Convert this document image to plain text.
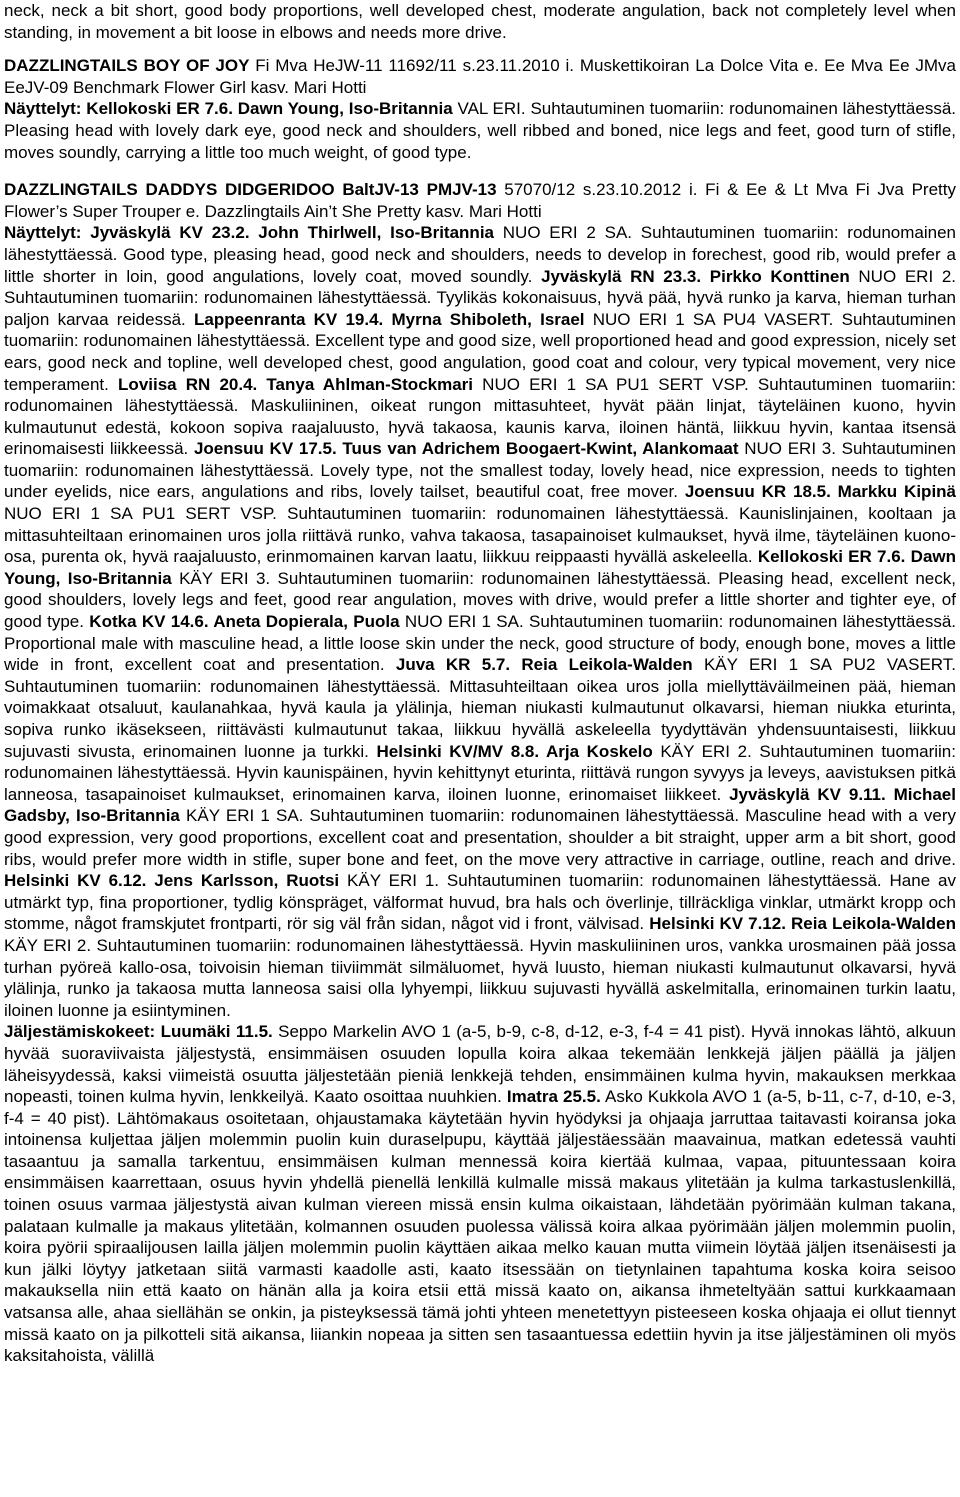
neck, neck a bit short, good body proportions, well developed chest, moderate angulation, back not completely level when standing, in movement a bit loose in elbows and needs more drive.

DAZZLINGTAILS BOY OF JOY Fi Mva HeJW-11 11692/11 s.23.11.2010 i. Muskettikoiran La Dolce Vita e. Ee Mva Ee JMva EeJV-09 Benchmark Flower Girl kasv. Mari Hotti

Näyttelyt: Kellokoski ER 7.6. Dawn Young, Iso-Britannia VAL ERI. Suhtautuminen tuomariin: rodunomainen lähestyttäessä. Pleasing head with lovely dark eye, good neck and shoulders, well ribbed and boned, nice legs and feet, good turn of stifle, moves soundly, carrying a little too much weight, of good type.

DAZZLINGTAILS DADDYS DIDGERIDOO BaltJV-13 PMJV-13 57070/12 s.23.10.2012 i. Fi & Ee & Lt Mva Fi Jva Pretty Flower’s Super Trouper e. Dazzlingtails Ain’t She Pretty kasv. Mari Hotti

Näyttelyt: Jyväskylä KV 23.2. John Thirlwell, Iso-Britannia NUO ERI 2 SA. Suhtautuminen tuomariin: rodunomainen lähestyttäessä. Good type, pleasing head, good neck and shoulders, needs to develop in forechest, good rib, would prefer a little shorter in loin, good angulations, lovely coat, moved soundly. Jyväskylä RN 23.3. Pirkko Konttinen NUO ERI 2. Suhtautuminen tuomariin: rodunomainen lähestyttäessä. Tyylikäs kokonaisuus, hyvä pää, hyvä runko ja karva, hieman turhan paljon karvaa reidessä. Lappeenranta KV 19.4. Myrna Shiboleth, Israel NUO ERI 1 SA PU4 VASERT. Suhtautuminen tuomariin: rodunomainen lähestyttäessä. Excellent type and good size, well proportioned head and good expression, nicely set ears, good neck and topline, well developed chest, good angulation, good coat and colour, very typical movement, very nice temperament. Loviisa RN 20.4. Tanya Ahlman-Stockmari NUO ERI 1 SA PU1 SERT VSP. Suhtautuminen tuomariin: rodunomainen lähestyttäessä. Maskuliininen, oikeat rungon mittasuhteet, hyvät pään linjat, täyteläinen kuono, hyvin kulmautunut edestä, kokoon sopiva raajaluusto, hyvä takaosa, kaunis karva, iloinen häntä, liikkuu hyvin, kantaa itsensä erinomaisesti liikkeessä. Joensuu KV 17.5. Tuus van Adrichem Boogaert-Kwint, Alankomaat NUO ERI 3. Suhtautuminen tuomariin: rodunomainen lähestyttäessä. Lovely type, not the smallest today, lovely head, nice expression, needs to tighten under eyelids, nice ears, angulations and ribs, lovely tailset, beautiful coat, free mover. Joensuu KR 18.5. Markku Kipinä NUO ERI 1 SA PU1 SERT VSP. Suhtautuminen tuomariin: rodunomainen lähestyttäessä. Kaunislinjainen, kooltaan ja mittasuhteiltaan erinomainen uros jolla riittävä runko, vahva takaosa, tasapainoiset kulmaukset, hyvä ilme, täyteläinen kuono-osa, purenta ok, hyvä raajaluusto, erinmomainen karvan laatu, liikkuu reippaasti hyvällä askeleella. Kellokoski ER 7.6. Dawn Young, Iso-Britannia KÄY ERI 3. Suhtautuminen tuomariin: rodunomainen lähestyttäessä. Pleasing head, excellent neck, good shoulders, lovely legs and feet, good rear angulation, moves with drive, would prefer a little shorter and tighter eye, of good type. Kotka KV 14.6. Aneta Dopierala, Puola NUO ERI 1 SA. Suhtautuminen tuomariin: rodunomainen lähestyttäessä. Proportional male with masculine head, a little loose skin under the neck, good structure of body, enough bone, moves a little wide in front, excellent coat and presentation. Juva KR 5.7. Reia Leikola-Walden KÄY ERI 1 SA PU2 VASERT. Suhtautuminen tuomariin: rodunomainen lähestyttäessä. Mittasuhteiltaan oikea uros jolla miellyttäväilmeinen pää, hieman voimakkaat otsaluut, kaulanahkaa, hyvä kaula ja ylälinja, hieman niukasti kulmautunut olkavarsi, hieman niukka eturinta, sopiva runko ikäsekseen, riittävästi kulmautunut takaa, liikkuu hyvällä askeleella tyydyttävän yhdensuuntaisesti, liikkuu sujuvasti sivusta, erinomainen luonne ja turkki. Helsinki KV/MV 8.8. Arja Koskelo KÄY ERI 2. Suhtautuminen tuomariin: rodunomainen lähestyttäessä. Hyvin kaunispäinen, hyvin kehittynyt eturinta, riittävä rungon syvyys ja leveys, aavistuksen pitkä lanneosa, tasapainoiset kulmaukset, erinomainen karva, iloinen luonne, erinomaiset liikkeet. Jyväskylä KV 9.11. Michael Gadsby, Iso-Britannia KÄY ERI 1 SA. Suhtautuminen tuomariin: rodunomainen lähestyttäessä. Masculine head with a very good expression, very good proportions, excellent coat and presentation, shoulder a bit straight, upper arm a bit short, good ribs, would prefer more width in stifle, super bone and feet, on the move very attractive in carriage, outline, reach and drive. Helsinki KV 6.12. Jens Karlsson, Ruotsi KÄY ERI 1. Suhtautuminen tuomariin: rodunomainen lähestyttäessä. Hane av utmärkt typ, fina proportioner, tydlig könspräget, välformat huvud, bra hals och överlinje, tillräckliga vinklar, utmärkt kropp och stomme, något framskjutet frontparti, rör sig väl från sidan, något vid i front, välvisad. Helsinki KV 7.12. Reia Leikola-Walden KÄY ERI 2. Suhtautuminen tuomariin: rodunomainen lähestyttäessä. Hyvin maskuliininen uros, vankka urosmainen pää jossa turhan pyöreä kallo-osa, toivoisin hieman tiiviimmät silmäluomet, hyvä luusto, hieman niukasti kulmautunut olkavarsi, hyvä ylälinja, runko ja takaosa mutta lanneosa saisi olla lyhyempi, liikkuu sujuvasti hyvällä askelmitalla, erinomainen turkin laatu, iloinen luonne ja esiintyminen.

Jäljestämiskokeet: Luumäki 11.5. Seppo Markelin AVO 1 (a-5, b-9, c-8, d-12, e-3, f-4 = 41 pist). Hyvä innokas lähtö, alkuun hyvää suoraviivaista jäljestystä, ensimmäisen osuuden lopulla koira alkaa tekemään lenkkejä jäljen päällä ja jäljen läheisyydessä, kaksi viimeistä osuutta jäljestetään pieniä lenkkejä tehden, ensimmäinen kulma hyvin, makauksen merkkaa nopeasti, toinen kulma hyvin, lenkkeilyä. Kaato osoittaa nuuhkien. Imatra 25.5. Asko Kukkola AVO 1 (a-5, b-11, c-7, d-10, e-3, f-4 = 40 pist). Lähtömakaus osoitetaan, ohjaustamaka käytetään hyvin hyödyksi ja ohjaaja jarruttaa taitavasti koiransa joka intoinensa kuljettaa jäljen molemmin puolin kuin duraselpupu, käyttää jäljestäessään maavainua, matkan edetessä vauhti tasaantuu ja samalla tarkentuu, ensimmäisen kulman mennessä koira kiertää kulmaa, vapaa, pituuntessaan koira ensimmäisen kaarrettaan, osuus hyvin yhdellä pienellä lenkillä kulmalle missä makaus ylitetään ja kulma tarkastuslenkillä, toinen osuus varmaa jäljestystä aivan kulman viereen missä ensin kulma oikaistaan, lähdetään pyörimään kulman takana, palataan kulmalle ja makaus ylitetään, kolmannen osuuden puolessa välissä koira alkaa pyörimään jäljen molemmin puolin, koira pyörii spiraalijousen lailla jäljen molemmin puolin käyttäen aikaa melko kauan mutta viimein löytää jäljen itsenäisesti ja kun jälki löytyy jatketaan siitä varmasti kaadolle asti, kaato itsessään on tietynlainen tapahtuma koska koira seisoo makauksella niin että kaato on hänän alla ja koira etsii että missä kaato on, aikansa ihmeteltyään sattui kurkkaamaan vatsansa alle, ahaa siellähän se onkin, ja pisteyksessä tämä johti yhteen menetettyyn pisteeseen koska ohjaaja ei ollut tiennyt missä kaato on ja pilkotteli sitä aikansa, liiankin nopeaa ja sitten sen tasaantuessa edettiin hyvin ja itse jäljestäminen oli myös kaksitahoista, välillä
